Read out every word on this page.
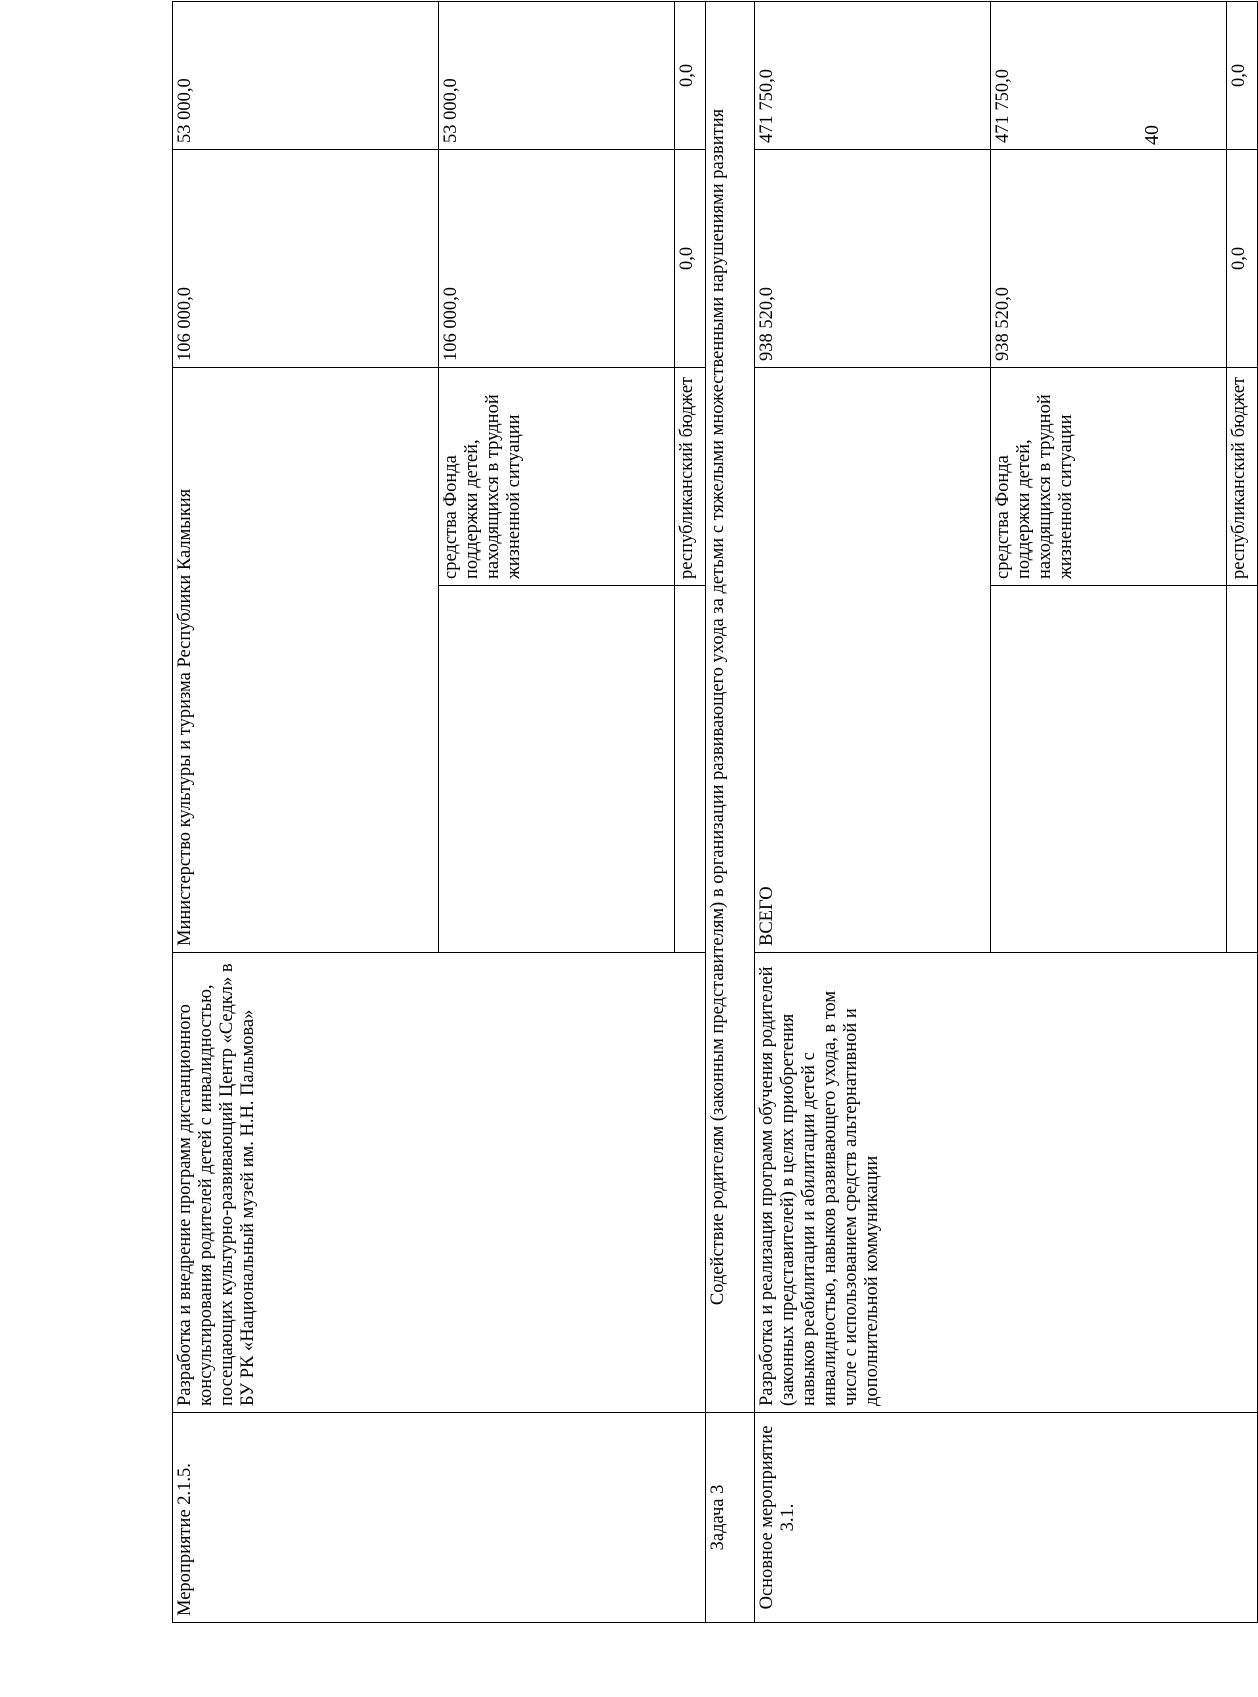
Мероприятие 2.1.5.	Разработка и внедрение программ дистанционного консультирования родителей детей с инвалидностью, посещающих культурно-развивающий Центр «Седкл» в БУ РК «Национальный музей им. Н.Н. Пальмова»	Министерство культуры и туризма Республики Калмыкия		106 000,0	53 000,0	
			средства Фонда поддержки детей, находящихся в трудной жизненной ситуации	106 000,0	53 000,0	
			республиканский бюджет	0,0	0,0	
Задача 3	Содействие родителям (законным представителям) в организации развивающего ухода за детьми с тяжелыми множественными нарушениями развития					
Основное мероприятие 3.1.	Разработка и реализация программ обучения родителей (законных представителей) в целях приобретения навыков реабилитации и абилитации детей с инвалидностью, навыков развивающего ухода, в том числе с использованием средств альтернативной и дополнительной коммуникации	ВСЕГО		938 520,0	471 750,0	
			средства Фонда поддержки детей, находящихся в трудной жизненной ситуации	938 520,0	471 750,0	
			республиканский бюджет	0,0	0,0	
40
